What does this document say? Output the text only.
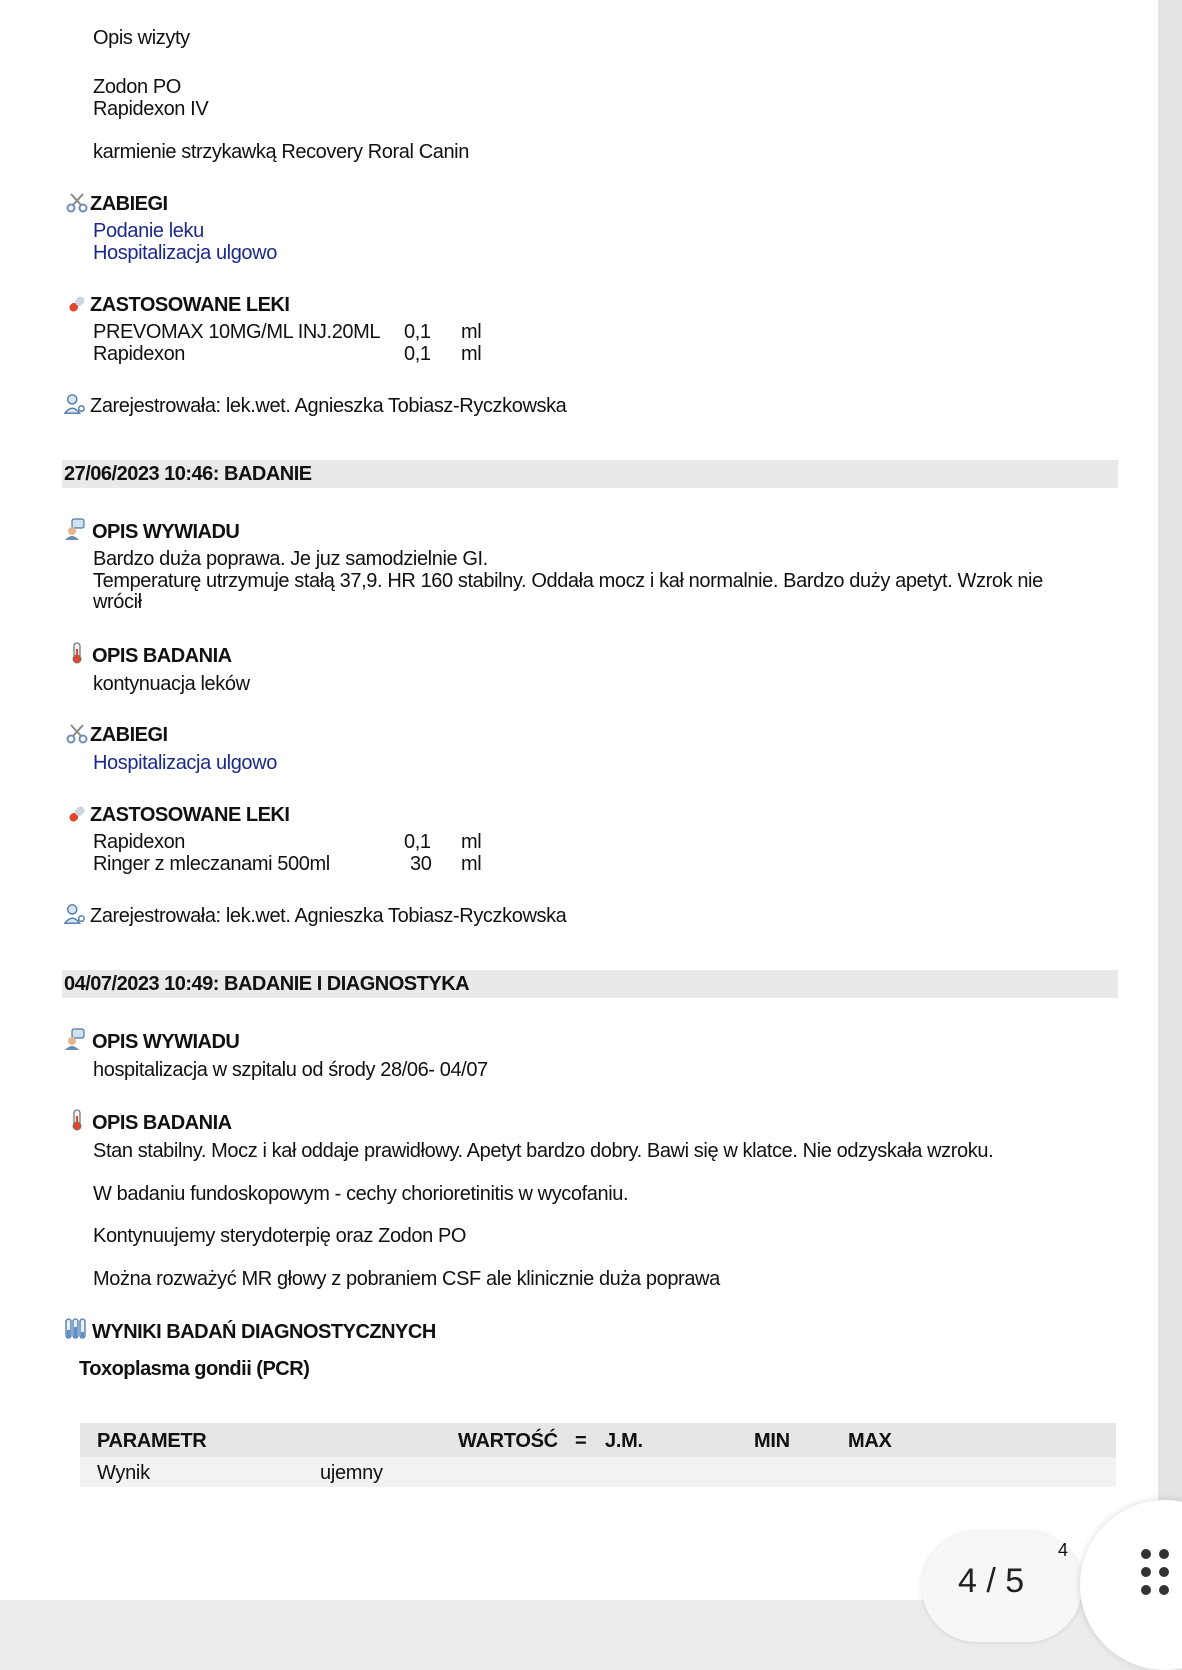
Opis wizyty
Zodon PO
Rapidexon IV
karmienie strzykawką Recovery Roral Canin
ZABIEGI
Podanie leku
Hospitalizacja ulgowo
ZASTOSOWANE LEKI
PREVOMAX 10MG/ML INJ.20ML 0,1 ml
Rapidexon	0,1 ml
Zarejestrowała: lek.wet. Agnieszka Tobiasz-Ryczkowska
27/06/2023 10:46: BADANIE
OPIS WYWIADU
Bardzo duża poprawa. Je juz samodzielnie GI.
Temperaturę utrzymuje stałą 37,9. HR 160 stabilny. Oddała mocz i kał normalnie. Bardzo duży apetyt. Wzrok nie
wrócił
OPIS BADANIA
kontynuacja leków
ZABIEGI
Hospitalizacja ulgowo
ZASTOSOWANE LEKI
Rapidexon	0,1 ml
Ringer z mleczanami 500ml	30 ml
Zarejestrowała: lek.wet. Agnieszka Tobiasz-Ryczkowska
04/07/2023 10:49: BADANIE I DIAGNOSTYKA
OPIS WYWIADU
hospitalizacja w szpitalu od środy 28/06- 04/07
OPIS BADANIA
Stan stabilny. Mocz i kał oddaje prawidłowy. Apetyt bardzo dobry. Bawi się w klatce. Nie odzyskała wzroku.
W badaniu fundoskopowym - cechy chorioretinitis w wycofaniu.
Kontynuujemy sterydoterpię oraz Zodon PO
Można rozważyć MR głowy z pobraniem CSF ale klinicznie duża poprawa
WYNIKI BADAŃ DIAGNOSTYCZNYCH
Toxoplasma gondii (PCR)
PARAMETR	WARTOŚĆ = J.M.	MIN	MAX
Wynik	ujemny
4 / 5
4
